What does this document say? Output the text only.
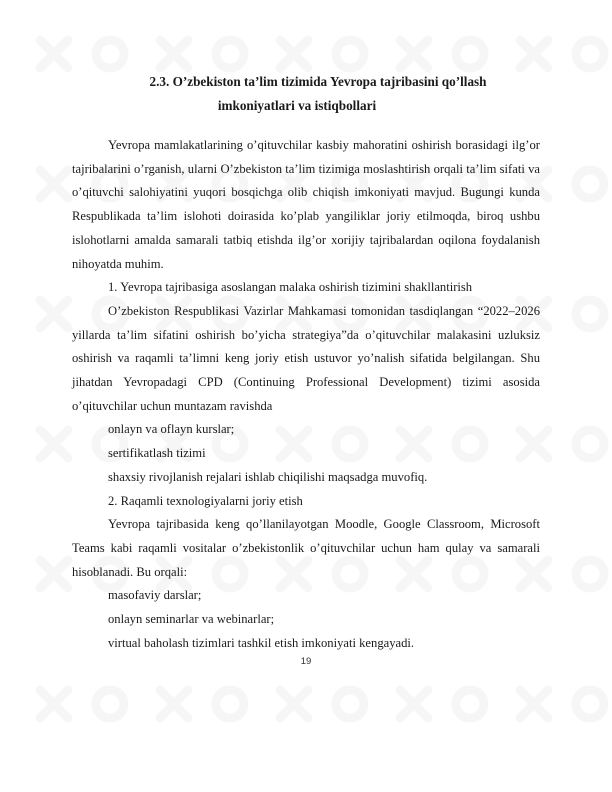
2.3. O’zbekiston ta’lim tizimida Yevropa tajribasini qo’llash
imkoniyatlari va istiqbollari

Yevropa mamlakatlarining o’qituvchilar kasbiy mahoratini oshirish borasidagi ilg’or tajribalarini o’rganish, ularni O’zbekiston ta’lim tizimiga moslashtirish orqali ta’lim sifati va o’qituvchi salohiyatini yuqori bosqichga olib chiqish imkoniyati mavjud. Bugungi kunda Respublikada ta’lim islohoti doirasida ko’plab yangiliklar joriy etilmoqda, biroq ushbu islohotlarni amalda samarali tatbiq etishda ilg’or xorijiy tajribalardan oqilona foydalanish nihoyatda muhim.

1. Yevropa tajribasiga asoslangan malaka oshirish tizimini shakllantirish

O’zbekiston Respublikasi Vazirlar Mahkamasi tomonidan tasdiqlangan “2022–2026 yillarda ta’lim sifatini oshirish bo’yicha strategiya”da o’qituvchilar malakasini uzluksiz oshirish va raqamli ta’limni keng joriy etish ustuvor yo’nalish sifatida belgilangan. Shu jihatdan Yevropadagi CPD (Continuing Professional Development) tizimi asosida o’qituvchilar uchun muntazam ravishda

onlayn va oflayn kurslar;

sertifikatlash tizimi

shaxsiy rivojlanish rejalari ishlab chiqilishi maqsadga muvofiq.

2. Raqamli texnologiyalarni joriy etish

Yevropa tajribasida keng qo’llanilayotgan Moodle, Google Classroom, Microsoft Teams kabi raqamli vositalar o’zbekistonlik o’qituvchilar uchun ham qulay va samarali hisoblanadi. Bu orqali:

masofaviy darslar;

onlayn seminarlar va webinarlar;

virtual baholash tizimlari tashkil etish imkoniyati kengayadi.

19
